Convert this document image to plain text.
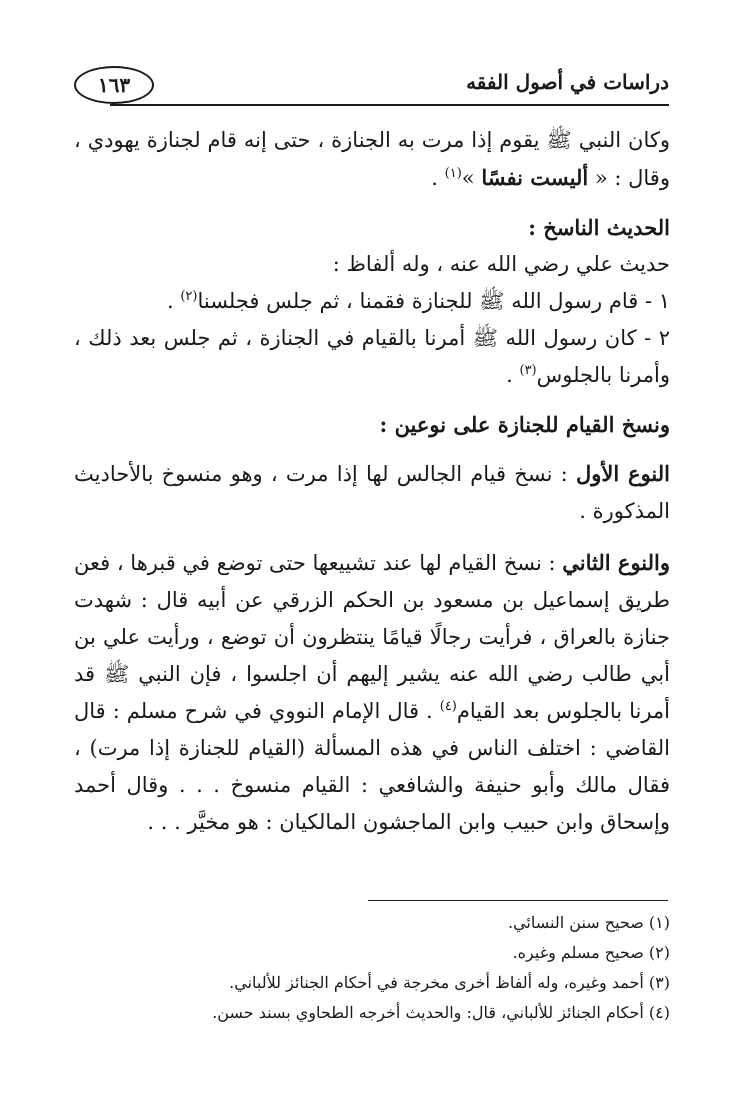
١٦٣	دراسات في أصول الفقه

وكان النبي ﷺ يقوم إذا مرت به الجنازة ، حتى إنه قام لجنازة يهودي ، وقال : « أليست نفسًا »$^{(١)}$ .

الحديث الناسخ :

حديث علي رضي الله عنه ، وله ألفاظ :

١ - قام رسول الله ﷺ للجنازة فقمنا ، ثم جلس فجلسنا$^{(٢)}$ .

٢ - كان رسول الله ﷺ أمرنا بالقيام في الجنازة ، ثم جلس بعد ذلك ، وأمرنا بالجلوس$^{(٣)}$ .

ونسخ القيام للجنازة على نوعين :

النوع الأول : نسخ قيام الجالس لها إذا مرت ، وهو منسوخ بالأحاديث المذكورة .

والنوع الثاني : نسخ القيام لها عند تشييعها حتى توضع في قبرها ، فعن طريق إسماعيل بن مسعود بن الحكم الزرقي عن أبيه قال : شهدت جنازة بالعراق ، فرأيت رجالًا قيامًا ينتظرون أن توضع ، ورأيت علي بن أبي طالب رضي الله عنه يشير إليهم أن اجلسوا ، فإن النبي ﷺ قد أمرنا بالجلوس بعد القيام$^{(٤)}$ . قال الإمام النووي في شرح مسلم : قال القاضي : اختلف الناس في هذه المسألة (القيام للجنازة إذا مرت) ، فقال مالك وأبو حنيفة والشافعي : القيام منسوخ . . . وقال أحمد وإسحاق وابن حبيب وابن الماجشون المالكيان : هو مخيَّر . . .

(١) صحيح سنن النسائي.

(٢) صحيح مسلم وغيره.

(٣) أحمد وغيره، وله ألفاظ أخرى مخرجة في أحكام الجنائز للألباني.

(٤) أحكام الجنائز للألباني، قال: والحديث أخرجه الطحاوي بسند حسن.
